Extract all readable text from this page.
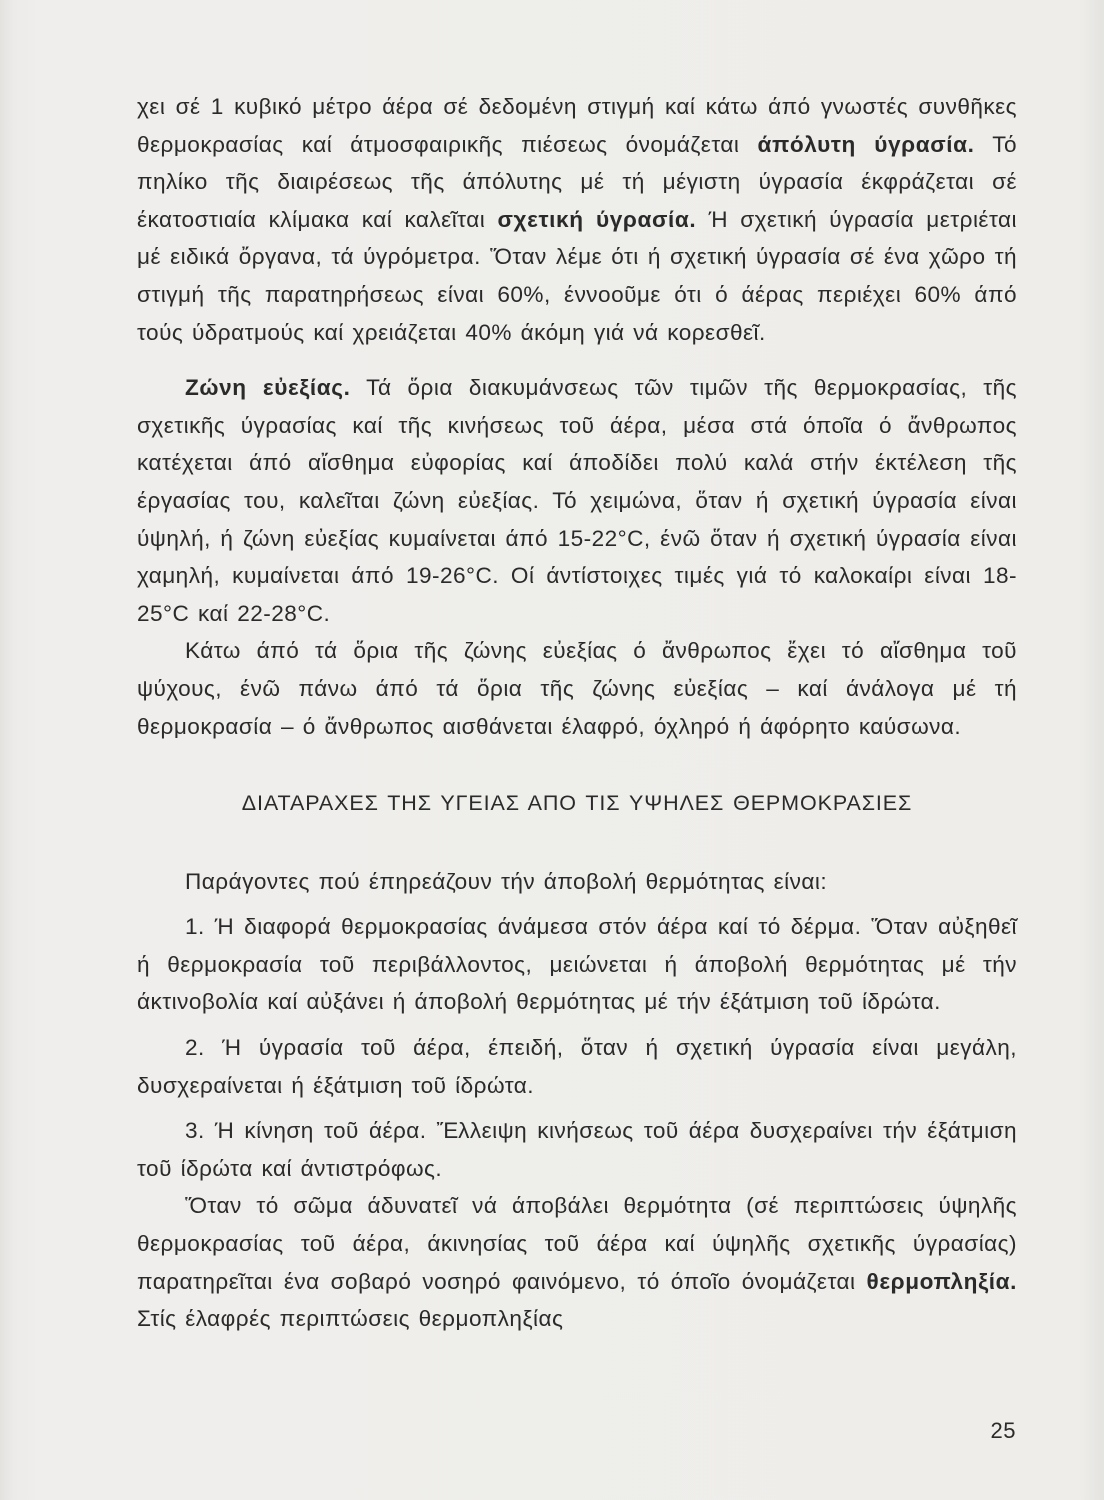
χει σέ 1 κυβικό μέτρο άέρα σέ δεδομένη στιγμή καί κάτω άπό γνωστές συνθῆκες θερμοκρασίας καί άτμοσφαιρικῆς πιέσεως όνομάζεται άπόλυτη ύγρασία. Τό πηλίκο τῆς διαιρέσεως τῆς άπόλυτης μέ τή μέγιστη ύγρασία έκφράζεται σέ έκατοστιαία κλίμακα καί καλεῖται σχετική ύγρασία. Ή σχετική ύγρασία μετριέται μέ ειδικά ὄργανα, τά ύγρόμετρα. Ὅταν λέμε ότι ή σχετική ύγρασία σέ ένα χῶρο τή στιγμή τῆς παρατηρήσεως είναι 60%, έννοοῦμε ότι ό άέρας περιέχει 60% άπό τούς ύδρατμούς καί χρειάζεται 40% άκόμη γιά νά κορεσθεῖ.

Ζώνη εὐεξίας. Τά ὅρια διακυμάνσεως τῶν τιμῶν τῆς θερμοκρασίας, τῆς σχετικῆς ύγρασίας καί τῆς κινήσεως τοῦ άέρα, μέσα στά όποῖα ό ἄνθρωπος κατέχεται άπό αἴσθημα εὐφορίας καί άποδίδει πολύ καλά στήν έκτέλεση τῆς έργασίας του, καλεῖται ζώνη εὐεξίας. Τό χειμώνα, ὅταν ή σχετική ύγρασία είναι ύψηλή, ή ζώνη εὐεξίας κυμαίνεται άπό 15-22°C, ένῶ ὅταν ή σχετική ύγρασία είναι χαμηλή, κυμαίνεται άπό 19-26°C. Οί άντίστοιχες τιμές γιά τό καλοκαίρι είναι 18-25°C καί 22-28°C.

Κάτω άπό τά ὅρια τῆς ζώνης εὐεξίας ό ἄνθρωπος ἔχει τό αἴσθημα τοῦ ψύχους, ένῶ πάνω άπό τά ὅρια τῆς ζώνης εὐεξίας – καί άνάλογα μέ τή θερμοκρασία – ό ἄνθρωπος αισθάνεται έλαφρό, όχληρό ή άφόρητο καύσωνα.

ΔΙΑΤΑΡΑΧΕΣ ΤΗΣ ΥΓΕΙΑΣ ΑΠΟ ΤΙΣ ΥΨΗΛΕΣ ΘΕΡΜΟΚΡΑΣΙΕΣ

Παράγοντες πού έπηρεάζουν τήν άποβολή θερμότητας είναι:

1. Ή διαφορά θερμοκρασίας άνάμεσα στόν άέρα καί τό δέρμα. Ὅταν αὐξηθεῖ ή θερμοκρασία τοῦ περιβάλλοντος, μειώνεται ή άποβολή θερμότητας μέ τήν άκτινοβολία καί αὐξάνει ή άποβολή θερμότητας μέ τήν έξάτμιση τοῦ ίδρώτα.

2. Ή ύγρασία τοῦ άέρα, έπειδή, ὅταν ή σχετική ύγρασία είναι μεγάλη, δυσχεραίνεται ή έξάτμιση τοῦ ίδρώτα.

3. Ή κίνηση τοῦ άέρα. Ἔλλειψη κινήσεως τοῦ άέρα δυσχεραίνει τήν έξάτμιση τοῦ ίδρώτα καί άντιστρόφως.

Ὅταν τό σῶμα άδυνατεῖ νά άποβάλει θερμότητα (σέ περιπτώσεις ύψηλῆς θερμοκρασίας τοῦ άέρα, άκινησίας τοῦ άέρα καί ύψηλῆς σχετικῆς ύγρασίας) παρατηρεῖται ένα σοβαρό νοσηρό φαινόμενο, τό όποῖο όνομάζεται θερμοπληξία. Στίς έλαφρές περιπτώσεις θερμοπληξίας

25
